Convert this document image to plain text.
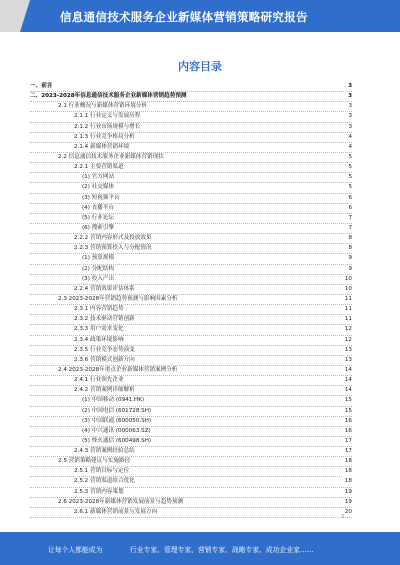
信息通信技术服务企业新媒体营销策略研究报告
内容目录
一、前言	3
二、2023-2028年信息通信技术服务企业新媒体营销趋势预测	3
2.1 行业概况与新媒体营销环境分析	3
2.1.1 行业定义与发展历程	3
2.1.2 行业市场规模与增长	3
2.1.3 行业竞争格局分析	4
2.1.4 新媒体营销环境	4
2.2 信息通信技术服务企业新媒体营销现状	5
2.2.1 主要营销渠道	5
(1) 官方网站	5
(2) 社交媒体	5
(3) 短视频平台	6
(4) 直播平台	6
(5) 行业论坛	7
(6) 搜索引擎	7
2.2.2 营销内容形式及投放效果	8
2.2.3 营销预算投入与分配情况	8
(1) 预算规模	9
(2) 分配结构	9
(3) 投入产出	10
2.2.4 营销效果评估体系	10
2.3 2023-2028年营销趋势预测与影响因素分析	11
2.3.1 内容营销趋势	11
2.3.2 技术驱动营销创新	11
2.3.3 用户需求变化	12
2.3.4 政策环境影响	12
2.3.5 行业竞争态势演变	13
2.3.6 营销模式创新方向	13
2.4 2023-2028年重点企业新媒体营销案例分析	14
2.4.1 行业领先企业	14
2.4.2 营销案例详细解析	14
(1) 中国移动 (0941.HK)	15
(2) 中国电信 (601728.SH)	15
(3) 中国联通 (600050.SH)	16
(4) 中兴通讯 (000063.SZ)	16
(5) 烽火通信 (600498.SH)	17
2.4.3 营销案例经验总结	17
2.5 营销策略建议与实施路径	18
2.5.1 营销目标与定位	18
2.5.2 营销渠道组合优化	18
2.5.3 营销内容策划	19
2.6 2023-2028年新媒体营销发展前景与趋势预测	19
2.6.1 新媒体营销前景与发展方向	20
2
让每个人都能成为	行业专家、管理专家、营销专家、战略专家、成功企业家……
